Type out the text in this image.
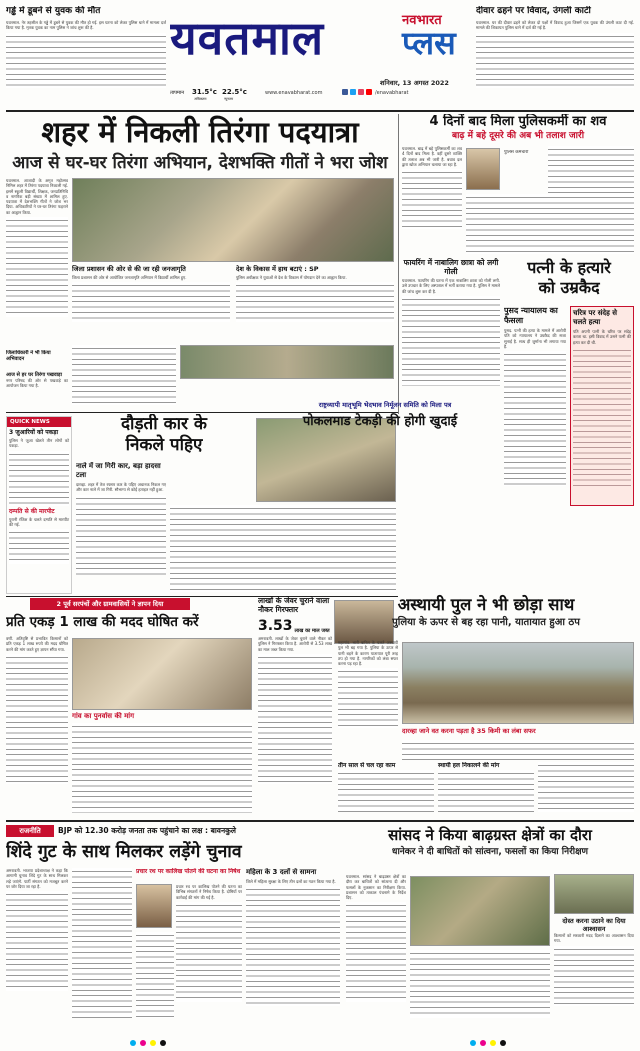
गड्ढे में डूबने से युवक की मौत
यवतमाल. नेर तहसील के गड्ढे में डूबने से युवक की मौत हो गई. इस घटना को लेकर पुलिस थाने में मामला दर्ज किया गया है. मृतक युवक का नाम पुलिस ने जांच शुरू की है.	यवतमाल	नवभारत
प्लस
शनिवार, 13 अगस्त 2022
तापमान 31.5°c
अधिकतम
22.5°c
न्यूनतम
www.enavabharat.com	/enavabharat
दीवार ढहने पर विवाद, उंगली काटी
यवतमाल. घर की दीवार ढहने को लेकर दो पक्षों में विवाद हुआ जिसमें एक युवक की उंगली काट दी गई. मामले की शिकायत पुलिस थाने में दर्ज की गई है.
शहर में निकली तिरंगा पदयात्रा
आज से घर-घर तिरंगा अभियान, देशभक्ति गीतों ने भरा जोश
यवतमाल. आजादी के अमृत महोत्सव निमित्त शहर में तिरंगा पदयात्रा निकाली गई. इसमें स्कूली विद्यार्थी, शिक्षक, जनप्रतिनिधि व नागरिक बड़ी संख्या में शामिल हुए. पदयात्रा में देशभक्ति गीतों ने जोश भर दिया. अधिकारियों ने घर-घर तिरंगा फहराने का आह्वान किया.
जिला प्रशासन की ओर से की जा रही जनजागृति
जिला प्रशासन की ओर से आयोजित जनजागृति अभियान में विद्यार्थी शामिल हुए.
देश के विकास में हाथ बटाएं : SP
पुलिस अधीक्षक ने युवाओं से देश के विकास में योगदान देने का आह्वान किया.
जिलाधिकारी ने भी किया अभिवादन
आज से हर घर तिरंगा पखवाड़ा
नगर परिषद की ओर से पखवाड़े का आयोजन किया गया है.
4 दिनों बाद मिला पुलिसकर्मी का शव
बाढ़ में बहे दूसरे की अब भी तलाश जारी
यवतमाल. बाढ़ में बहे पुलिसकर्मी का शव 4 दिनों बाद मिला है. वहीं दूसरे व्यक्ति की तलाश अब भी जारी है. बचाव दल द्वारा खोज अभियान चलाया जा रहा है.
पुलिस कर्मचारी
फायरिंग में नाबालिग छात्रा को लगी गोली
यवतमाल. फायरिंग की घटना में एक नाबालिग छात्रा को गोली लगी. उसे उपचार के लिए अस्पताल में भर्ती कराया गया है. पुलिस ने मामले की जांच शुरू कर दी है.
पत्नी के हत्यारे
को उम्रकैद
पुसद न्यायालय का फैसला
पुसद. पत्नी की हत्या के मामले में आरोपी पति को न्यायालय ने उम्रकैद की सजा सुनाई है. साथ ही जुर्माना भी लगाया गया है.
चरित्र पर संदेह से चलते हत्या
पति अपनी पत्नी के चरित्र पर संदेह करता था. इसी विवाद में उसने पत्नी की हत्या कर दी थी.
QUICK NEWS
3 जुआरियों को पकड़ा
पुलिस ने जुआ खेलते तीन लोगों को पकड़ा.
दम्पति से की मारपीट
पुरानी रंजिश के चलते दम्पति से मारपीट की गई.
दौड़ती कार के
निकले पहिए
नाले में जा गिरी कार, बड़ा हादसा टला
दारव्हा. शहर में तेज रफ्तार कार के पहिए अचानक निकल गए और कार नाले में जा गिरी. सौभाग्य से कोई हताहत नहीं हुआ.
राष्ट्रव्यापी मातृभूमि भेदभाव निर्मूलन समिति को मिला पत्र
पोकलमाड टेकड़ी की होगी खुदाई
2 पूर्व सरपंचों और ग्रामवासियों ने ज्ञापन दिया
प्रति एकड़ 1 लाख की मदद घोषित करें
वणी. अतिवृष्टि से प्रभावित किसानों को प्रति एकड़ 1 लाख रुपये की मदद घोषित करने की मांग करते हुए ज्ञापन सौंपा गया.
गांव का पुनर्वास की मांग
लाखों के जेवर चुराने वाला नौकर गिरफ्तार
3.53 लाख का माल जब्त
अमरावती. लाखों के जेवर चुराने वाले नौकर को पुलिस ने गिरफ्तार किया है. आरोपी से 3.53 लाख का माल जब्त किया गया.
अस्थायी पुल ने भी छोड़ा साथ
पुलिया के ऊपर से बह रहा पानी, यातायात हुआ ठप
महागांव. भारी बारिश के चलते अस्थायी पुल भी बह गया है. पुलिया के ऊपर से पानी बहने के कारण यातायात पूरी तरह ठप हो गया है. नागरिकों को लंबा सफर करना पड़ रहा है.
दारव्हा जाने वत करना पड़ता है 35 किमी का लंबा सफर
तीन साल से चल रहा काम	स्थायी हल निकालने की मांग
राजनीति	BJP को 12.30 करोड़ जनता तक पहुंचाने का लक्ष : बावनकुले
शिंदे गुट के साथ मिलकर लड़ेंगे चुनाव
अमरावती. भाजपा प्रदेशाध्यक्ष ने कहा कि आगामी चुनाव शिंदे गुट के साथ मिलकर लड़े जाएंगे. पार्टी संगठन को मजबूत करने पर जोर दिया जा रहा है.
प्रचार रथ पर कालिख पोतने की घटना का निषेध
प्रचार रथ पर कालिख पोतने की घटना का विभिन्न संगठनों ने निषेध किया है. दोषियों पर कार्रवाई की मांग की गई है.
महिला के 3 दलों से सामना
जिले में महिला सुरक्षा के लिए तीन दलों का गठन किया गया है.
सांसद ने किया बाढ़ग्रस्त क्षेत्रों का दौरा
धानेकर ने दी बाधितों को सांत्वना, फसलों का किया निरीक्षण
यवतमाल. सांसद ने बाढ़ग्रस्त क्षेत्रों का दौरा कर बाधितों को सांत्वना दी और फसलों के नुकसान का निरीक्षण किया. प्रशासन को तत्काल पंचनामे के निर्देश दिए.
दोस्त करना उठाने का दिया आश्वासन
किसानों को सरकारी मदद दिलाने का आश्वासन दिया गया.
